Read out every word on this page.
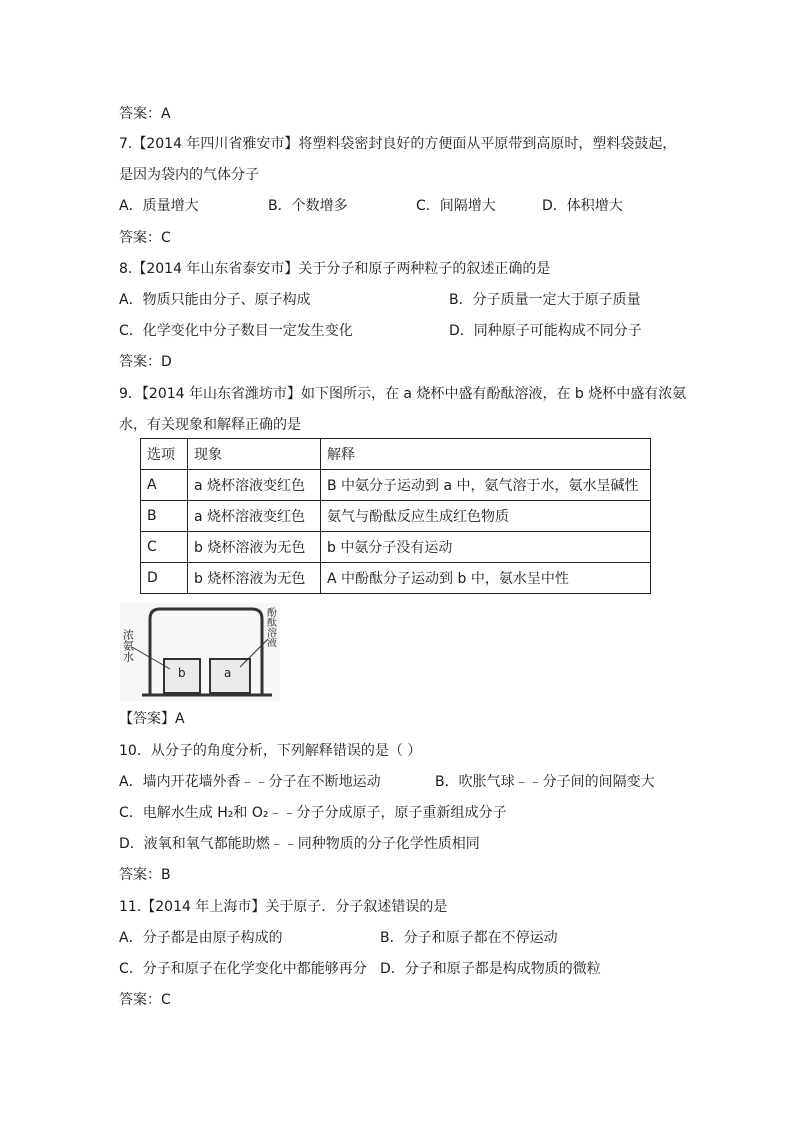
答案：A
7.【2014 年四川省雅安市】将塑料袋密封良好的方便面从平原带到高原时，塑料袋鼓起，
是因为袋内的气体分子
A．质量增大	B．个数增多	C．间隔增大	D．体积增大
答案：C
8.【2014 年山东省泰安市】关于分子和原子两种粒子的叙述正确的是
A．物质只能由分子、原子构成	B．分子质量一定大于原子质量
C．化学变化中分子数目一定发生变化	D．同种原子可能构成不同分子
答案：D
9．【2014 年山东省潍坊市】如下图所示，在 a 烧杯中盛有酚酞溶液，在 b 烧杯中盛有浓氨
水，有关现象和解释正确的是
选项	现象	解释
A	a 烧杯溶液变红色	B 中氨分子运动到 a 中，氨气溶于水，氨水呈碱性
B	a 烧杯溶液变红色	氨气与酚酞反应生成红色物质
C	b 烧杯溶液为无色	b 中氨分子没有运动
D	b 烧杯溶液为无色	A 中酚酞分子运动到 b 中，氨水呈中性
浓氨水	酚酞溶液
b	a
【答案】A
10．从分子的角度分析，下列解释错误的是（ ）
A．墙内开花墙外香﹣﹣分子在不断地运动	B．吹胀气球﹣﹣分子间的间隔变大
C．电解水生成 H₂和 O₂﹣﹣分子分成原子，原子重新组成分子
D．液氧和氧气都能助燃﹣﹣同种物质的分子化学性质相同
答案：B
11.【2014 年上海市】关于原子．分子叙述错误的是
A．分子都是由原子构成的	B．分子和原子都在不停运动
C．分子和原子在化学变化中都能够再分 D．分子和原子都是构成物质的微粒
答案：C
